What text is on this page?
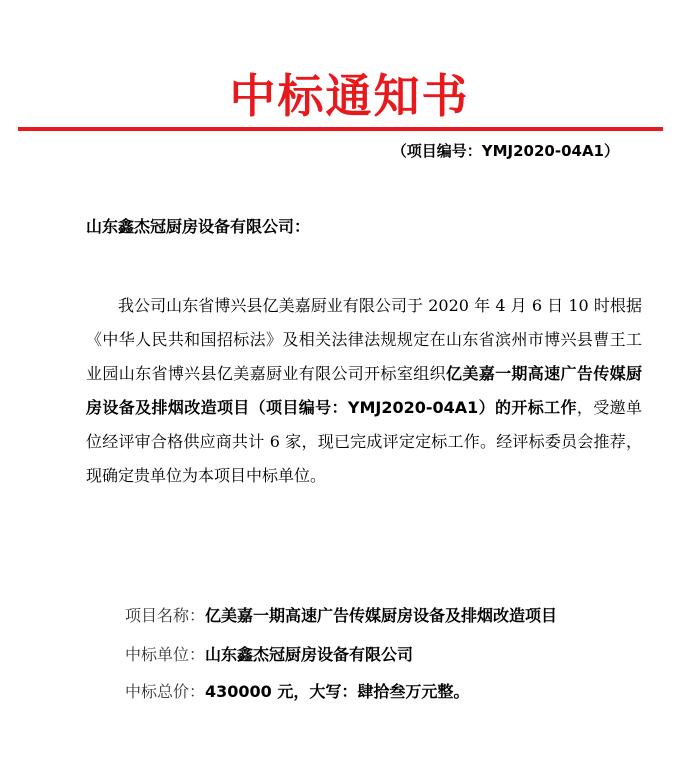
中标通知书
（项目编号：YMJ2020-04A1）
山东鑫杰冠厨房设备有限公司：
我公司山东省博兴县亿美嘉厨业有限公司于 2020 年 4 月 6 日 10 时根据《中华人民共和国招标法》及相关法律法规规定在山东省滨州市博兴县曹王工业园山东省博兴县亿美嘉厨业有限公司开标室组织亿美嘉一期高速广告传媒厨房设备及排烟改造项目（项目编号：YMJ2020-04A1）的开标工作，受邀单位经评审合格供应商共计 6 家，现已完成评定定标工作。经评标委员会推荐，现确定贵单位为本项目中标单位。
项目名称：亿美嘉一期高速广告传媒厨房设备及排烟改造项目
中标单位：山东鑫杰冠厨房设备有限公司
中标总价：430000 元，大写：肆拾叁万元整。
